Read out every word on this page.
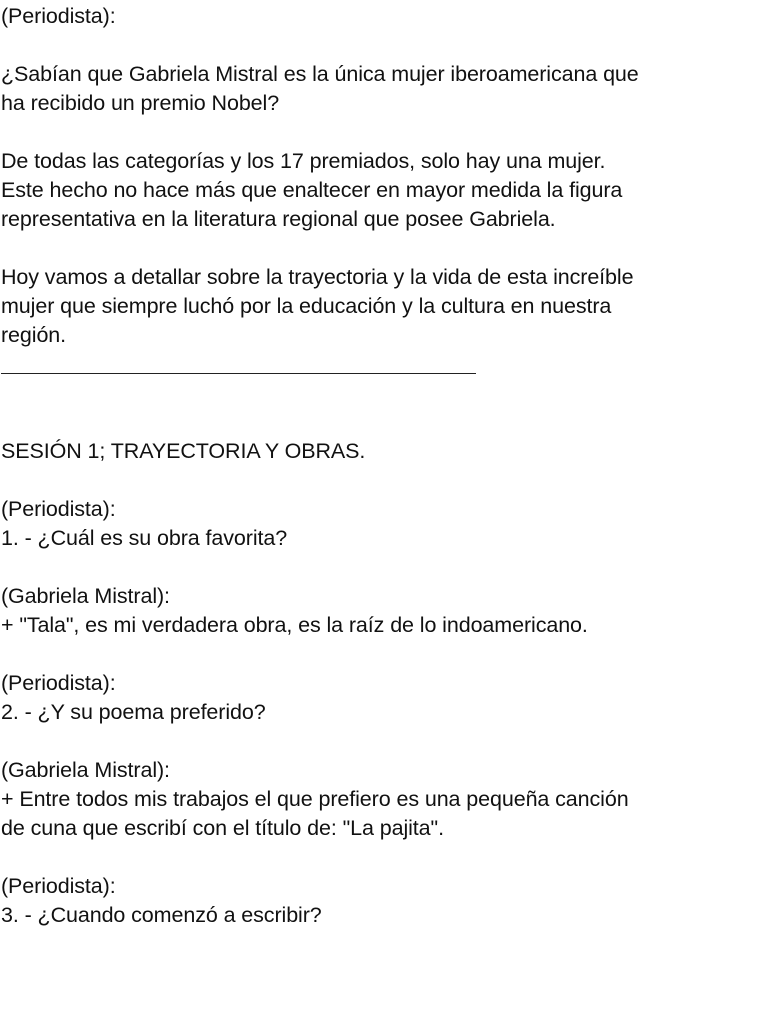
(Periodista):
¿Sabían que Gabriela Mistral es la única mujer iberoamericana que
ha recibido un premio Nobel?
De todas las categorías y los 17 premiados, solo hay una mujer.
Este hecho no hace más que enaltecer en mayor medida la figura
representativa en la literatura regional que posee Gabriela.
Hoy vamos a detallar sobre la trayectoria y la vida de esta increíble
mujer que siempre luchó por la educación y la cultura en nuestra
región.
SESIÓN 1; TRAYECTORIA Y OBRAS.
(Periodista):
1. - ¿Cuál es su obra favorita?
(Gabriela Mistral):
+ "Tala", es mi verdadera obra, es la raíz de lo indoamericano.
(Periodista):
2. - ¿Y su poema preferido?
(Gabriela Mistral):
+ Entre todos mis trabajos el que prefiero es una pequeña canción
de cuna que escribí con el título de: "La pajita".
(Periodista):
3. - ¿Cuando comenzó a escribir?
